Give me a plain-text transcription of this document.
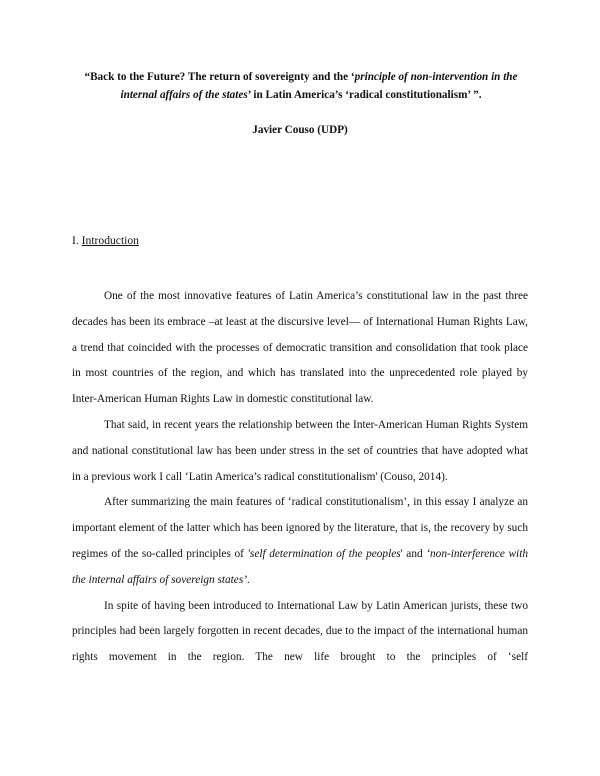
“Back to the Future? The return of sovereignty and the ‘principle of non-intervention in the internal affairs of the states’ in Latin America’s ‘radical constitutionalism’ ”.
Javier Couso (UDP)
I. Introduction

One of the most innovative features of Latin America’s constitutional law in the past three decades has been its embrace –at least at the discursive level— of International Human Rights Law, a trend that coincided with the processes of democratic transition and consolidation that took place in most countries of the region, and which has translated into the unprecedented role played by Inter-American Human Rights Law in domestic constitutional law.

That said, in recent years the relationship between the Inter-American Human Rights System and national constitutional law has been under stress in the set of countries that have adopted what in a previous work I call ‘Latin America’s radical constitutionalism' (Couso, 2014).

After summarizing the main features of ‘radical constitutionalism’, in this essay I analyze an important element of the latter which has been ignored by the literature, that is, the recovery by such regimes of the so-called principles of 'self determination of the peoples' and ‘non-interference with the internal affairs of sovereign states’.

In spite of having been introduced to International Law by Latin American jurists, these two principles had been largely forgotten in recent decades, due to the impact of the international human rights movement in the region. The new life brought to the principles of ‘self
